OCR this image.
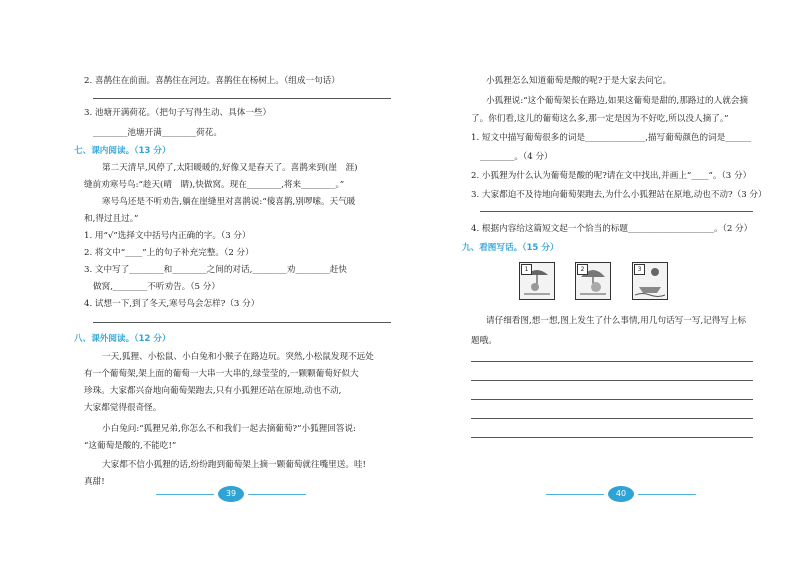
2. 喜鹊住在前面。喜鹊住在河边。喜鹊住在杨树上。（组成一句话）
3. 池塘开满荷花。（把句子写得生动、具体一些）
________池塘开满________荷花。
七、课内阅读。（13 分）
第二天清早,风停了,太阳暖暖的,好像又是春天了。喜鹊来到(崖　涯)
缝前劝寒号鸟:“趁天(晴　睛),快做窝。现在________,将来________。”
寒号鸟还是不听劝告,躺在崖缝里对喜鹊说:“傻喜鹊,别啰嗦。天气暖
和,得过且过。”
1. 用“√”选择文中括号内正确的字。（3 分）
2. 将文中“____”上的句子补充完整。（2 分）
3. 文中写了________和________之间的对话,________劝________赶快
做窝,________不听劝告。（5 分）
4. 试想一下,到了冬天,寒号鸟会怎样?（3 分）
八、课外阅读。（12 分）
一天,狐狸、小松鼠、小白兔和小猴子在路边玩。突然,小松鼠发现不远处
有一个葡萄架,架上面的葡萄一大串一大串的,绿莹莹的,一颗颗葡萄好似大
珍珠。大家都兴奋地向葡萄架跑去,只有小狐狸还站在原地,动也不动,
大家都觉得很奇怪。
小白兔问:“狐狸兄弟,你怎么不和我们一起去摘葡萄?”小狐狸回答说:
“这葡萄是酸的,不能吃!”
大家都不信小狐狸的话,纷纷跑到葡萄架上摘一颗葡萄就往嘴里送。哇!
真甜!
39
小狐狸怎么知道葡萄是酸的呢?于是大家去问它。
小狐狸说:“这个葡萄架长在路边,如果这葡萄是甜的,那路过的人就会摘
了。你们看,这儿的葡萄这么多,那一定是因为不好吃,所以没人摘了。”
1. 短文中描写葡萄很多的词是______________,描写葡萄颜色的词是______
________。（4 分）
2. 小狐狸为什么认为葡萄是酸的呢?请在文中找出,并画上“____”。（3 分）
3. 大家都迫不及待地向葡萄架跑去,为什么小狐狸站在原地,动也不动?（3 分）
4. 根据内容给这篇短文起一个恰当的标题____________________。（2 分）
九、看图写话。（15 分）
1	2	3
请仔细看图,想一想,图上发生了什么事情,用几句话写一写,记得写上标
题哦。
40
